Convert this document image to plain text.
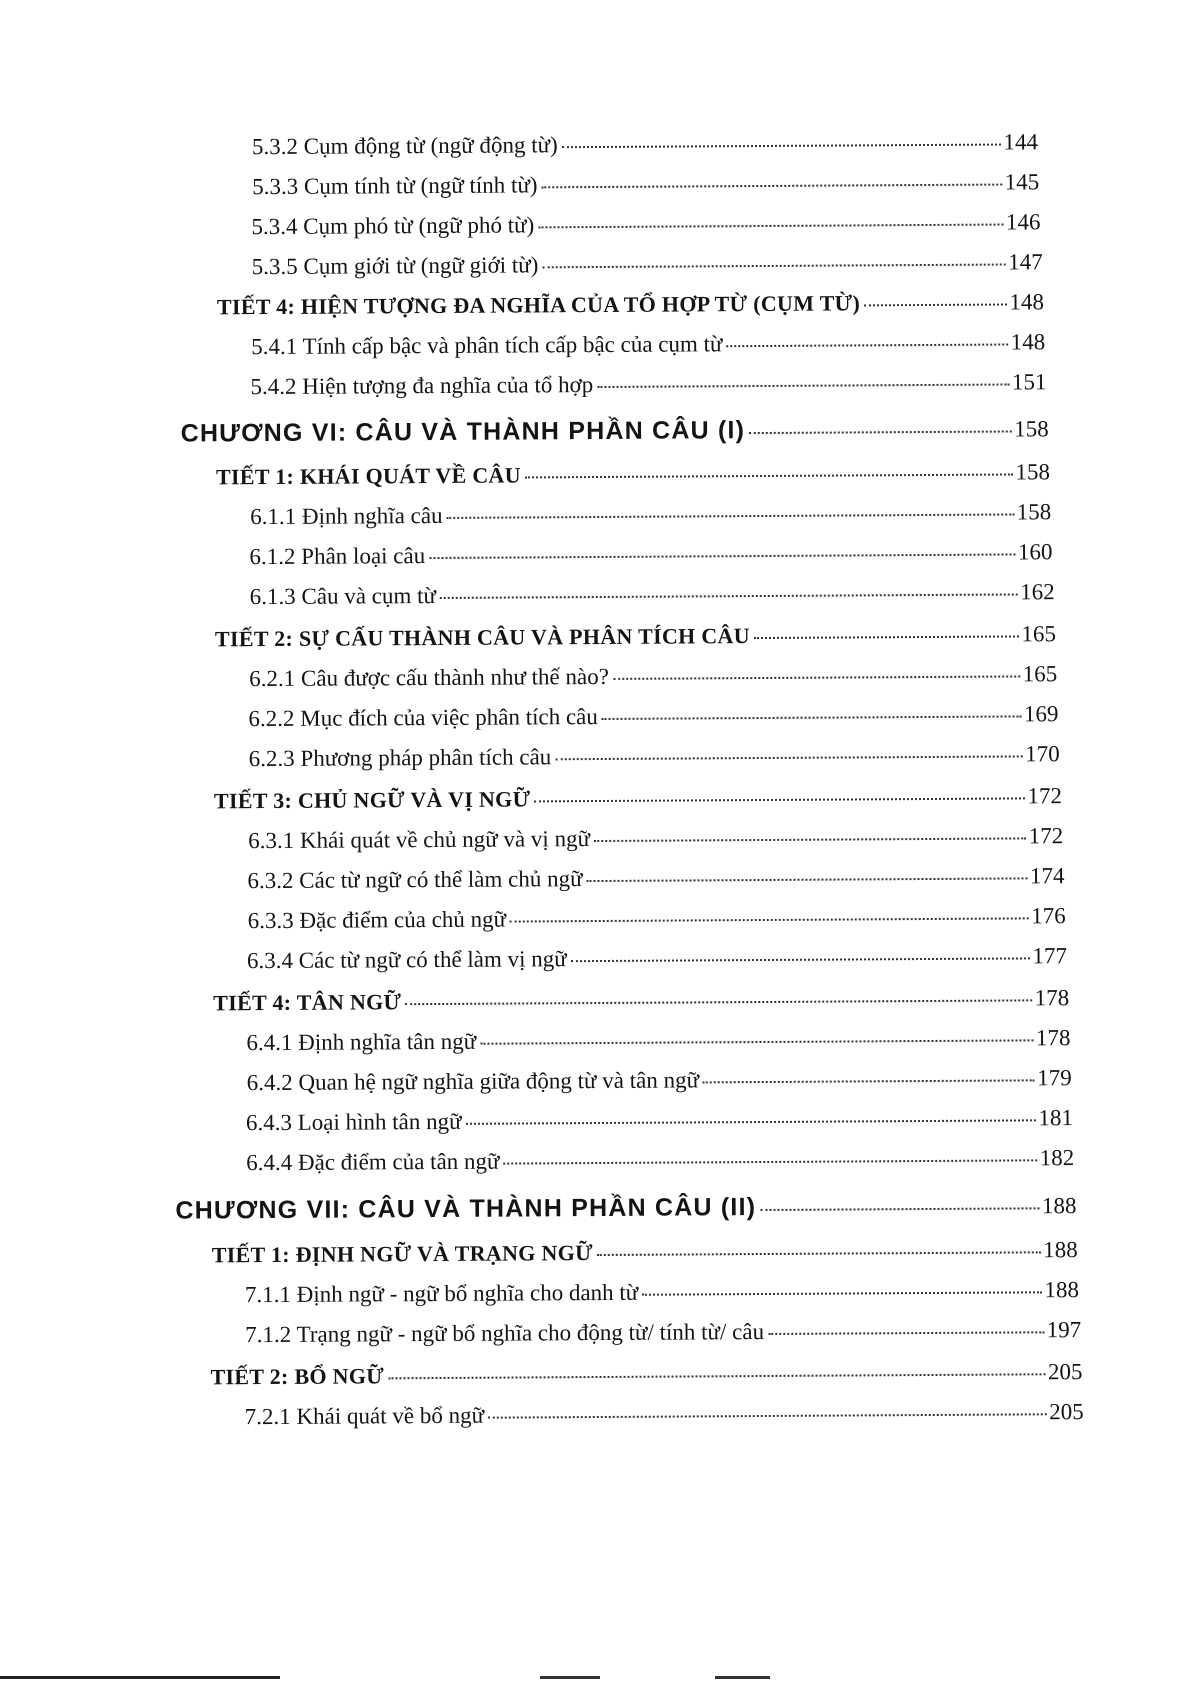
5.3.2 Cụm động từ (ngữ động từ)	144
5.3.3 Cụm tính từ (ngữ tính từ)	145
5.3.4 Cụm phó từ (ngữ phó từ)	146
5.3.5 Cụm giới từ (ngữ giới từ)	147
TIẾT 4: HIỆN TƯỢNG ĐA NGHĨA CỦA TỔ HỢP TỪ (CỤM TỪ)	148
5.4.1 Tính cấp bậc và phân tích cấp bậc của cụm từ	148
5.4.2 Hiện tượng đa nghĩa của tổ hợp	151
CHƯƠNG VI: CÂU VÀ THÀNH PHẦN CÂU (I)	158
TIẾT 1: KHÁI QUÁT VỀ CÂU	158
6.1.1 Định nghĩa câu	158
6.1.2 Phân loại câu	160
6.1.3 Câu và cụm từ	162
TIẾT 2: SỰ CẤU THÀNH CÂU VÀ PHÂN TÍCH CÂU	165
6.2.1 Câu được cấu thành như thế nào?	165
6.2.2 Mục đích của việc phân tích câu	169
6.2.3 Phương pháp phân tích câu	170
TIẾT 3: CHỦ NGỮ VÀ VỊ NGỮ	172
6.3.1 Khái quát về chủ ngữ và vị ngữ	172
6.3.2 Các từ ngữ có thể làm chủ ngữ	174
6.3.3 Đặc điểm của chủ ngữ	176
6.3.4 Các từ ngữ có thể làm vị ngữ	177
TIẾT 4: TÂN NGỮ	178
6.4.1 Định nghĩa tân ngữ	178
6.4.2 Quan hệ ngữ nghĩa giữa động từ và tân ngữ	179
6.4.3 Loại hình tân ngữ	181
6.4.4 Đặc điểm của tân ngữ	182
CHƯƠNG VII: CÂU VÀ THÀNH PHẦN CÂU (II)	188
TIẾT 1: ĐỊNH NGỮ VÀ TRẠNG NGỮ	188
7.1.1 Định ngữ - ngữ bổ nghĩa cho danh từ	188
7.1.2 Trạng ngữ - ngữ bổ nghĩa cho động từ/ tính từ/ câu	197
TIẾT 2: BỔ NGỮ	205
7.2.1 Khái quát về bổ ngữ	205
